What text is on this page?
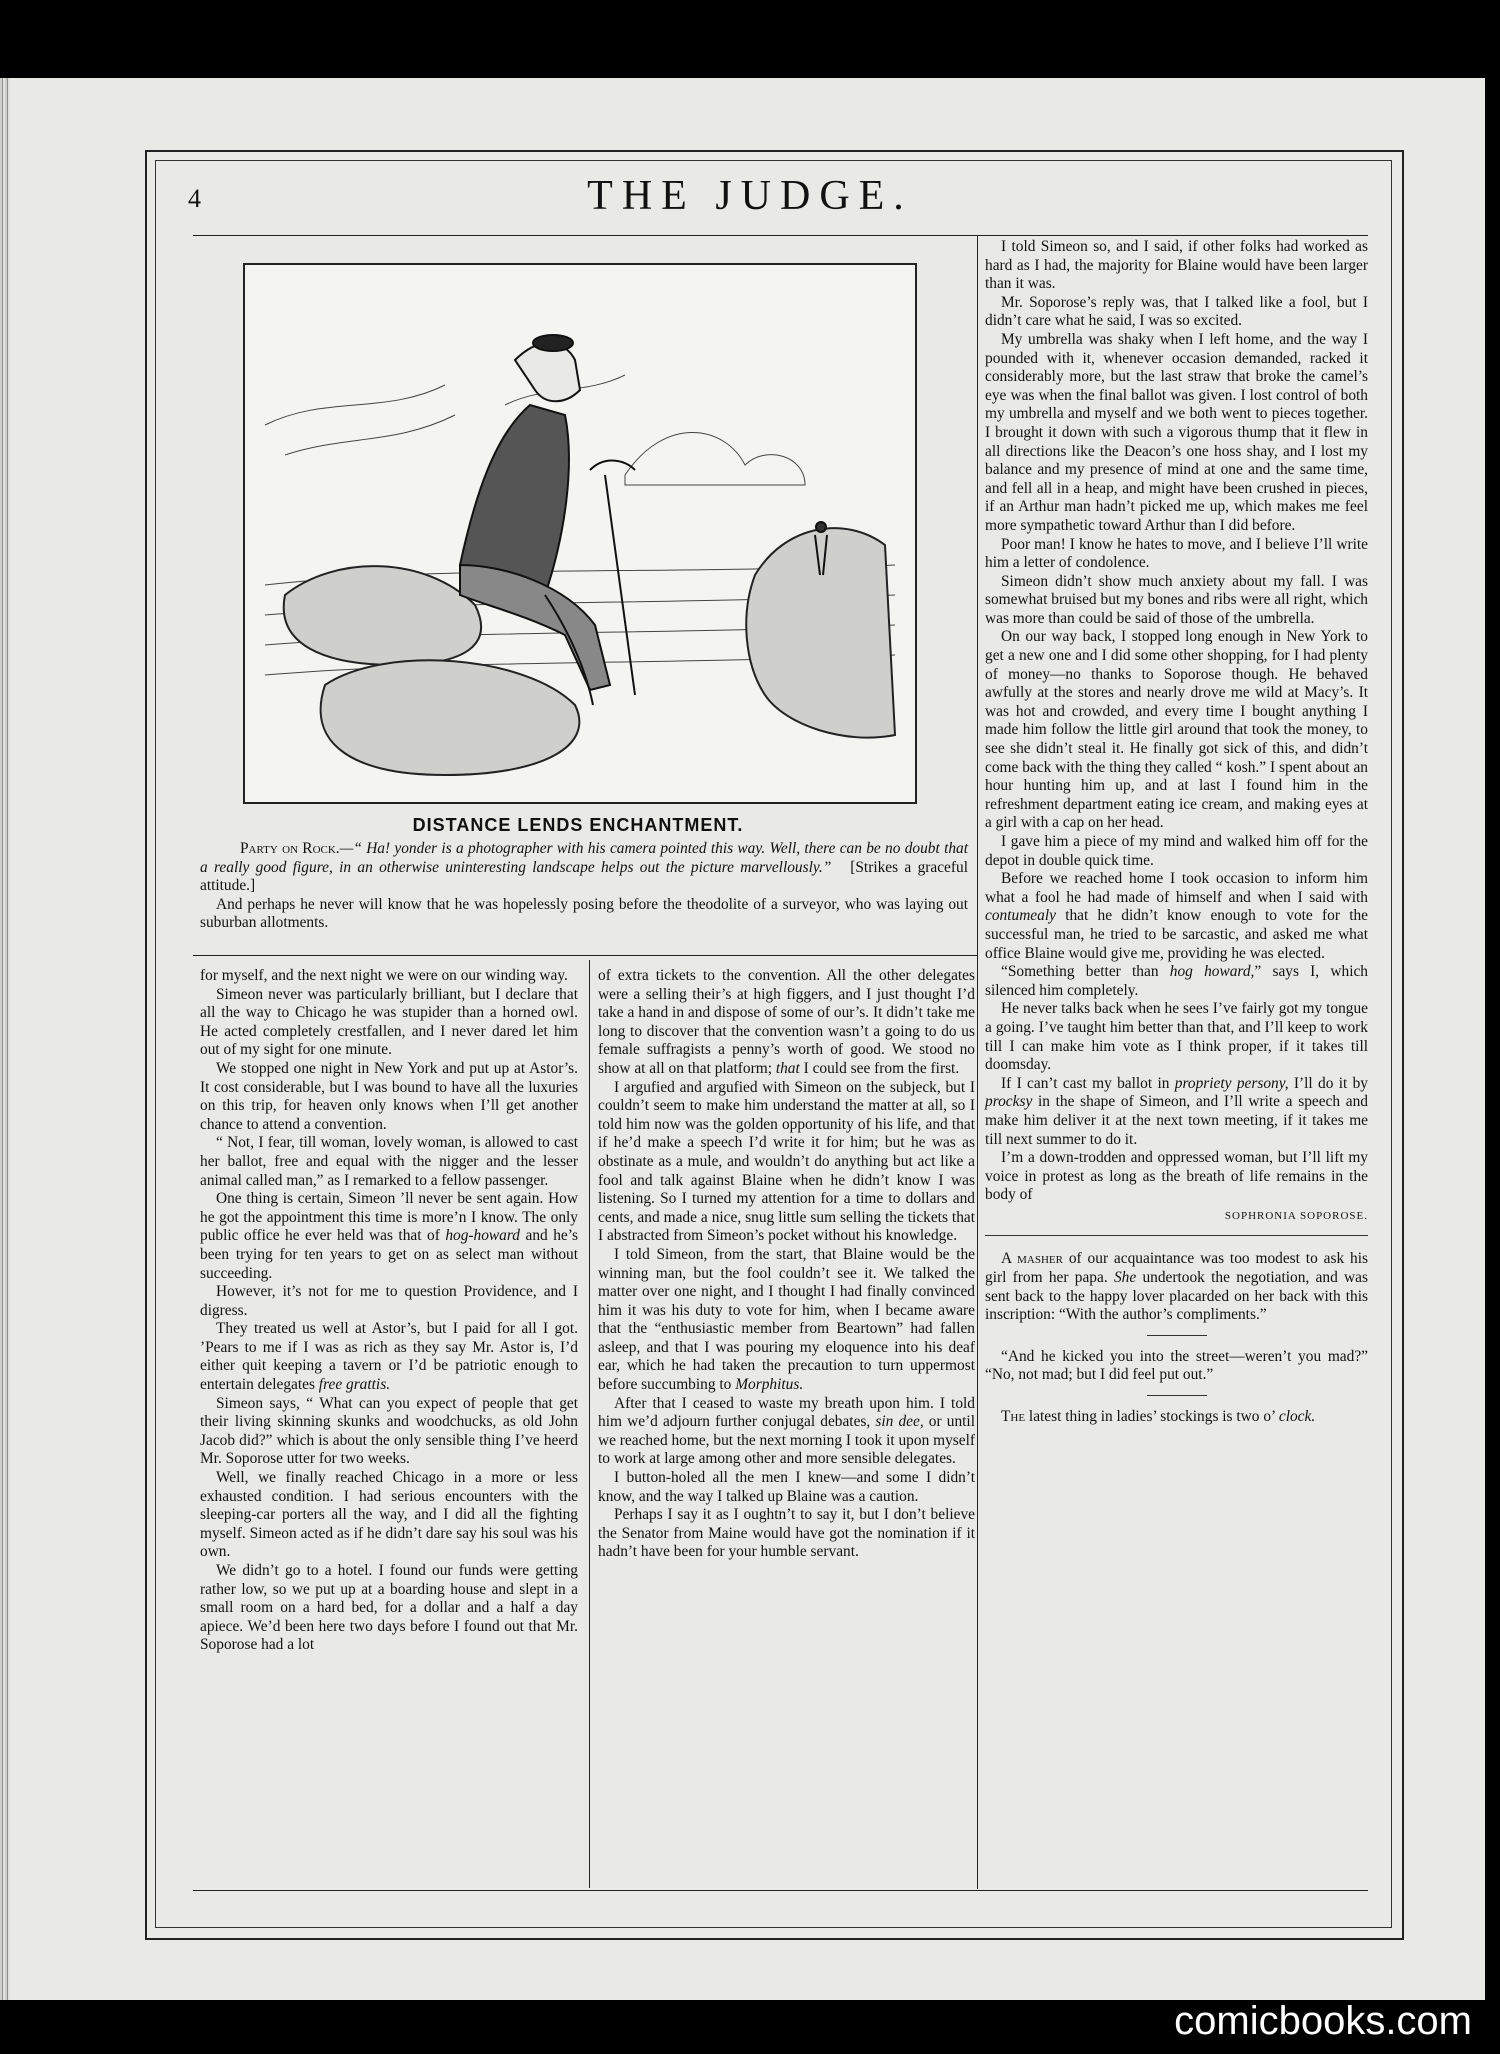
4	THE JUDGE.
DISTANCE LENDS ENCHANTMENT.

Party on Rock.—“ Ha! yonder is a photographer with his camera pointed this way. Well, there can be no doubt that a really good figure, in an otherwise uninteresting landscape helps out the picture marvellously.” [Strikes a graceful attitude.]

And perhaps he never will know that he was hopelessly posing before the theodolite of a surveyor, who was laying out suburban allotments.

I told Simeon so, and I said, if other folks had worked as hard as I had, the majority for Blaine would have been larger than it was.

Mr. Soporose’s reply was, that I talked like a fool, but I didn’t care what he said, I was so excited.

My umbrella was shaky when I left home, and the way I pounded with it, whenever occasion demanded, racked it considerably more, but the last straw that broke the camel’s eye was when the final ballot was given. I lost control of both my umbrella and myself and we both went to pieces together. I brought it down with such a vigorous thump that it flew in all directions like the Deacon’s one hoss shay, and I lost my balance and my presence of mind at one and the same time, and fell all in a heap, and might have been crushed in pieces, if an Arthur man hadn’t picked me up, which makes me feel more sympathetic toward Arthur than I did before.

Poor man! I know he hates to move, and I believe I’ll write him a letter of condolence.

Simeon didn’t show much anxiety about my fall. I was somewhat bruised but my bones and ribs were all right, which was more than could be said of those of the umbrella.

On our way back, I stopped long enough in New York to get a new one and I did some other shopping, for I had plenty of money—no thanks to Soporose though. He behaved awfully at the stores and nearly drove me wild at Macy’s. It was hot and crowded, and every time I bought anything I made him follow the little girl around that took the money, to see she didn’t steal it. He finally got sick of this, and didn’t come back with the thing they called “ kosh.” I spent about an hour hunting him up, and at last I found him in the refreshment department eating ice cream, and making eyes at a girl with a cap on her head.

I gave him a piece of my mind and walked him off for the depot in double quick time.

Before we reached home I took occasion to inform him what a fool he had made of himself and when I said with contumealy that he didn’t know enough to vote for the successful man, he tried to be sarcastic, and asked me what office Blaine would give me, providing he was elected.

“Something better than hog howard,” says I, which silenced him completely.

He never talks back when he sees I’ve fairly got my tongue a going. I’ve taught him better than that, and I’ll keep to work till I can make him vote as I think proper, if it takes till doomsday.

If I can’t cast my ballot in propriety persony, I’ll do it by procksy in the shape of Simeon, and I’ll write a speech and make him deliver it at the next town meeting, if it takes me till next summer to do it.

I’m a down-trodden and oppressed woman, but I’ll lift my voice in protest as long as the breath of life remains in the body of

SOPHRONIA SOPOROSE.

A masher of our acquaintance was too modest to ask his girl from her papa. She undertook the negotiation, and was sent back to the happy lover placarded on her back with this inscription: “With the author’s compliments.”

“And he kicked you into the street—weren’t you mad?” “No, not mad; but I did feel put out.”

The latest thing in ladies’ stockings is two o’ clock.

for myself, and the next night we were on our winding way.

Simeon never was particularly brilliant, but I declare that all the way to Chicago he was stupider than a horned owl. He acted completely crestfallen, and I never dared let him out of my sight for one minute.

We stopped one night in New York and put up at Astor’s. It cost considerable, but I was bound to have all the luxuries on this trip, for heaven only knows when I’ll get another chance to attend a convention.

“ Not, I fear, till woman, lovely woman, is allowed to cast her ballot, free and equal with the nigger and the lesser animal called man,” as I remarked to a fellow passenger.

One thing is certain, Simeon ’ll never be sent again. How he got the appointment this time is more’n I know. The only public office he ever held was that of hog-howard and he’s been trying for ten years to get on as select man without succeeding.

However, it’s not for me to question Providence, and I digress.

They treated us well at Astor’s, but I paid for all I got. ’Pears to me if I was as rich as they say Mr. Astor is, I’d either quit keeping a tavern or I’d be patriotic enough to entertain delegates free grattis.

Simeon says, “ What can you expect of people that get their living skinning skunks and woodchucks, as old John Jacob did?” which is about the only sensible thing I’ve heerd Mr. Soporose utter for two weeks.

Well, we finally reached Chicago in a more or less exhausted condition. I had serious encounters with the sleeping-car porters all the way, and I did all the fighting myself. Simeon acted as if he didn’t dare say his soul was his own.

We didn’t go to a hotel. I found our funds were getting rather low, so we put up at a boarding house and slept in a small room on a hard bed, for a dollar and a half a day apiece. We’d been here two days before I found out that Mr. Soporose had a lot

of extra tickets to the convention. All the other delegates were a selling their’s at high figgers, and I just thought I’d take a hand in and dispose of some of our’s. It didn’t take me long to discover that the convention wasn’t a going to do us female suffragists a penny’s worth of good. We stood no show at all on that platform; that I could see from the first.

I argufied and argufied with Simeon on the subjeck, but I couldn’t seem to make him understand the matter at all, so I told him now was the golden opportunity of his life, and that if he’d make a speech I’d write it for him; but he was as obstinate as a mule, and wouldn’t do anything but act like a fool and talk against Blaine when he didn’t know I was listening. So I turned my attention for a time to dollars and cents, and made a nice, snug little sum selling the tickets that I abstracted from Simeon’s pocket without his knowledge.

I told Simeon, from the start, that Blaine would be the winning man, but the fool couldn’t see it. We talked the matter over one night, and I thought I had finally convinced him it was his duty to vote for him, when I became aware that the “enthusiastic member from Beartown” had fallen asleep, and that I was pouring my eloquence into his deaf ear, which he had taken the precaution to turn uppermost before succumbing to Morphitus.

After that I ceased to waste my breath upon him. I told him we’d adjourn further conjugal debates, sin dee, or until we reached home, but the next morning I took it upon myself to work at large among other and more sensible delegates.

I button-holed all the men I knew—and some I didn’t know, and the way I talked up Blaine was a caution.

Perhaps I say it as I oughtn’t to say it, but I don’t believe the Senator from Maine would have got the nomination if it hadn’t have been for your humble servant.

comicbooks.com
